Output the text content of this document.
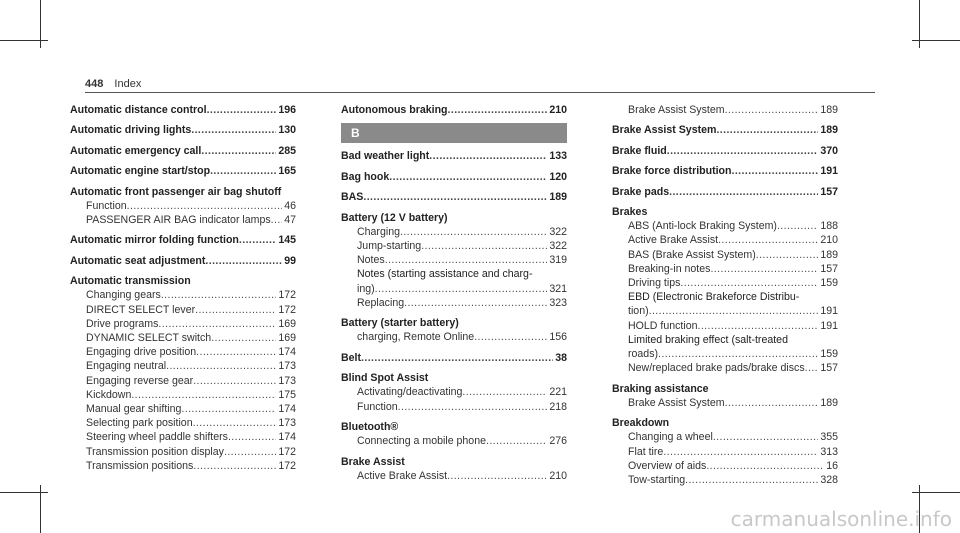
448 Index
Automatic distance control .....	196
Automatic driving lights .....	130
Automatic emergency call .....	285
Automatic engine start/stop .....	165
Automatic front passenger air bag shutoff
Function .....	46
PASSENGER AIR BAG indicator lamps ..... 47
Automatic mirror folding function .....	145
Automatic seat adjustment .....	99
Automatic transmission
Changing gears .....	172
DIRECT SELECT lever .....	172
Drive programs .....	169
DYNAMIC SELECT switch .....	169
Engaging drive position .....	174
Engaging neutral .....	173
Engaging reverse gear .....	173
Kickdown .....	175
Manual gear shifting .....	174
Selecting park position .....	173
Steering wheel paddle shifters .....	174
Transmission position display .....	172
Transmission positions .....	172
Autonomous braking .....	210
B
Bad weather light .....	133
Bag hook .....	120
BAS .....	189
Battery (12 V battery)
Charging .....	322
Jump-starting .....	322
Notes .....	319
Notes (starting assistance and charg-
ing) .....	321
Replacing .....	323
Battery (starter battery)
charging, Remote Online .....	156
Belt .....	38
Blind Spot Assist
Activating/deactivating .....	221
Function .....	218
Bluetooth®
Connecting a mobile phone .....	276
Brake Assist
Active Brake Assist .....	210
Brake Assist System .....	189
Brake Assist System .....	189
Brake fluid .....	370
Brake force distribution .....	191
Brake pads .....	157
Brakes
ABS (Anti-lock Braking System) .....	188
Active Brake Assist .....	210
BAS (Brake Assist System) .....	189
Breaking-in notes .....	157
Driving tips .....	159
EBD (Electronic Brakeforce Distribu-
tion) .....	191
HOLD function .....	191
Limited braking effect (salt-treated
roads) .....	159
New/replaced brake pads/brake discs ..... 157
Braking assistance
Brake Assist System .....	189
Breakdown
Changing a wheel .....	355
Flat tire .....	313
Overview of aids .....	16
Tow-starting .....	328
carmanualsonline.info
